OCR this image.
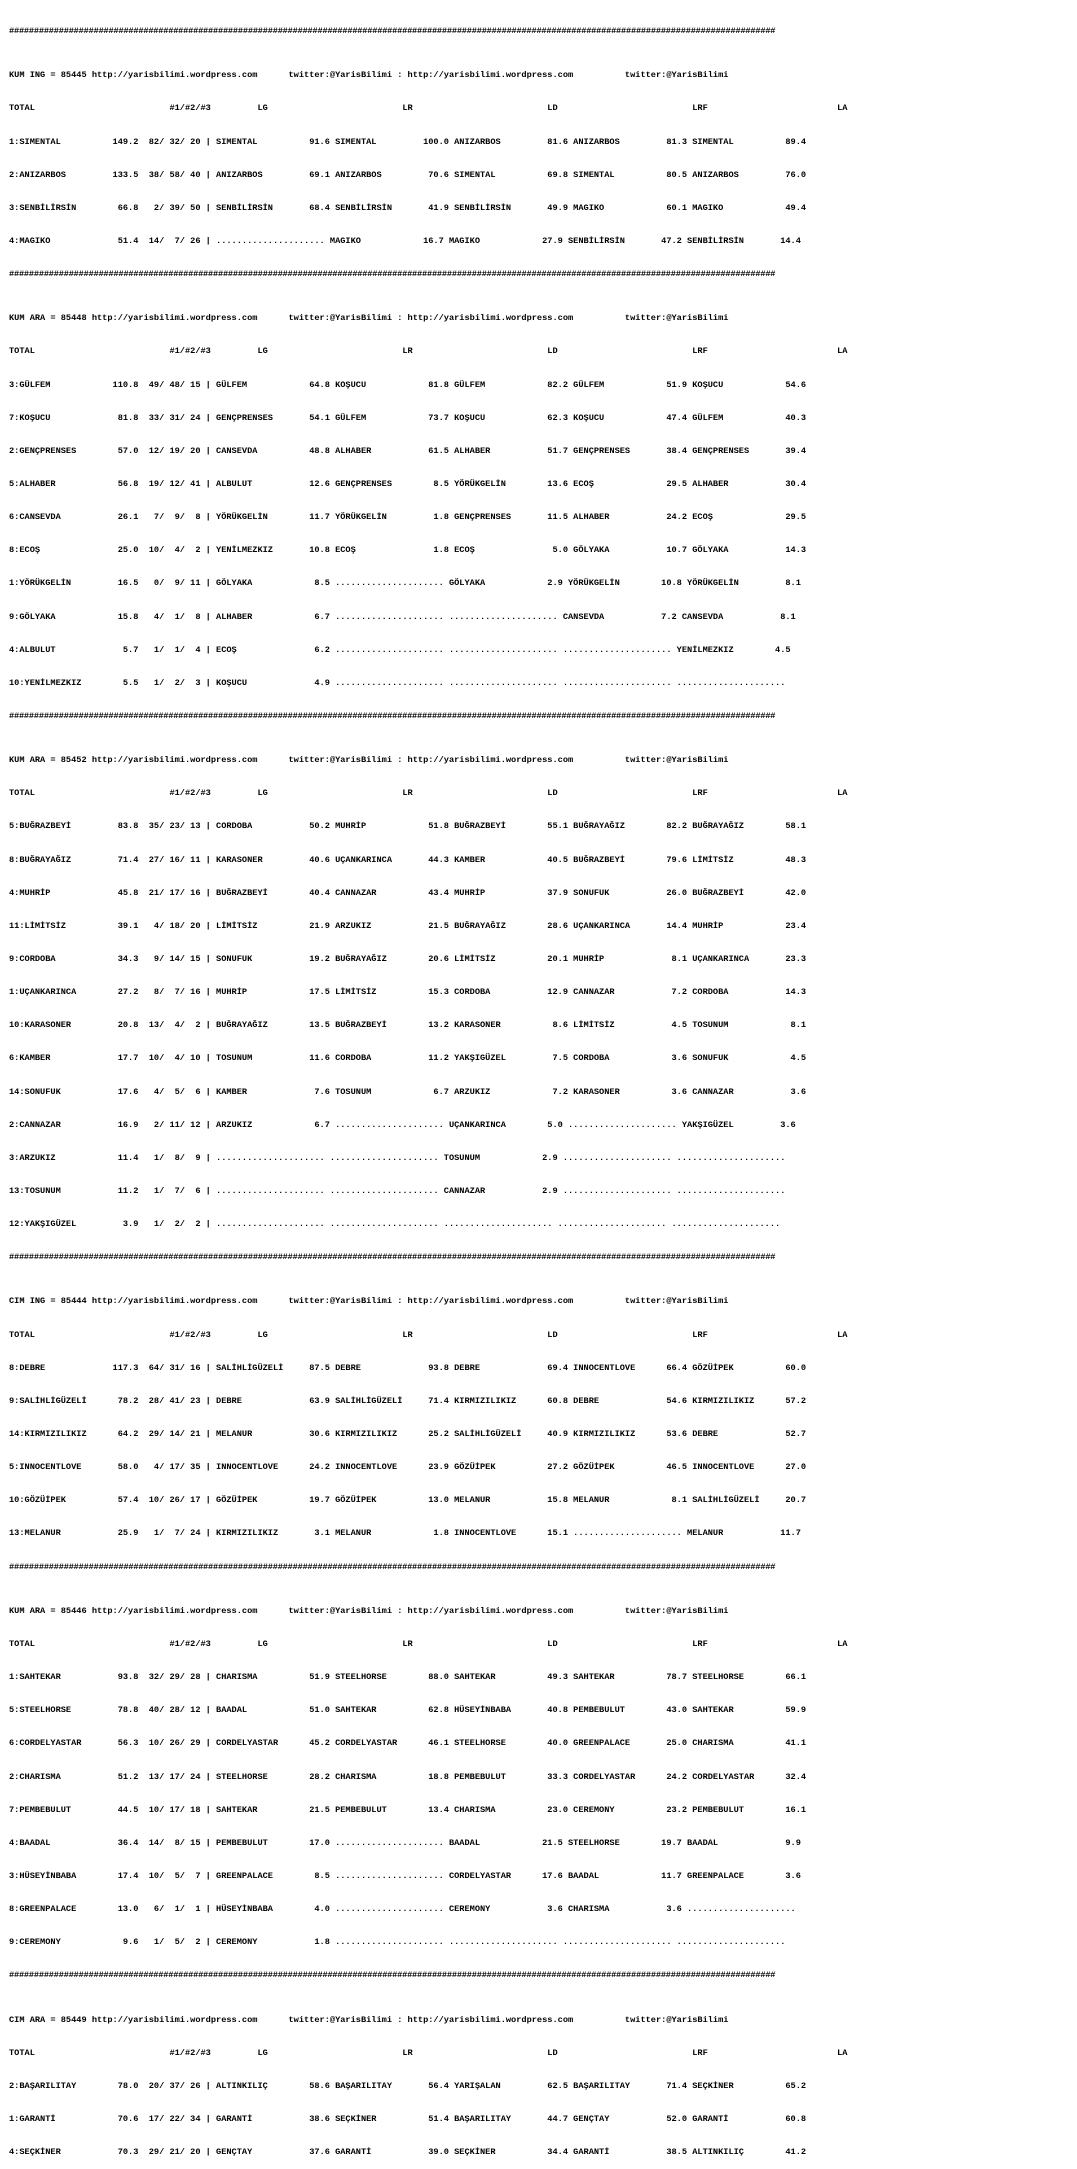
##########################################################################################################################################################

KUM ING = 85445 http://yarisbilimi.wordpress.com      twitter:@YarisBilimi : http://yarisbilimi.wordpress.com          twitter:@YarisBilimi

TOTAL                          #1/#2/#3         LG                          LR                          LD                          LRF                         LA

1:SIMENTAL          149.2  82/ 32/ 20 | SIMENTAL          91.6 SIMENTAL         100.0 ANIZARBOS         81.6 ANIZARBOS         81.3 SIMENTAL          89.4

2:ANIZARBOS         133.5  38/ 58/ 40 | ANIZARBOS         69.1 ANIZARBOS         70.6 SIMENTAL          69.8 SIMENTAL          80.5 ANIZARBOS         76.0

3:SENBİLİRSİN        66.8   2/ 39/ 50 | SENBİLİRSİN       68.4 SENBİLİRSİN       41.9 SENBİLİRSİN       49.9 MAGIKO            60.1 MAGIKO            49.4

4:MAGIKO             51.4  14/  7/ 26 | ..................... MAGIKO            16.7 MAGIKO            27.9 SENBİLİRSİN       47.2 SENBİLİRSİN       14.4

##########################################################################################################################################################

KUM ARA = 85448 http://yarisbilimi.wordpress.com      twitter:@YarisBilimi : http://yarisbilimi.wordpress.com          twitter:@YarisBilimi

TOTAL                          #1/#2/#3         LG                          LR                          LD                          LRF                         LA

3:GÜLFEM            110.8  49/ 48/ 15 | GÜLFEM            64.8 KOŞUCU            81.8 GÜLFEM            82.2 GÜLFEM            51.9 KOŞUCU            54.6

7:KOŞUCU             81.8  33/ 31/ 24 | GENÇPRENSES       54.1 GÜLFEM            73.7 KOŞUCU            62.3 KOŞUCU            47.4 GÜLFEM            40.3

2:GENÇPRENSES        57.0  12/ 19/ 20 | CANSEVDA          48.8 ALHABER           61.5 ALHABER           51.7 GENÇPRENSES       38.4 GENÇPRENSES       39.4

5:ALHABER            56.8  19/ 12/ 41 | ALBULUT           12.6 GENÇPRENSES        8.5 YÖRÜKGELİN        13.6 ECOŞ              29.5 ALHABER           30.4

6:CANSEVDA           26.1   7/  9/  8 | YÖRÜKGELİN        11.7 YÖRÜKGELİN         1.8 GENÇPRENSES       11.5 ALHABER           24.2 ECOŞ              29.5

8:ECOŞ               25.0  10/  4/  2 | YENİLMEZKIZ       10.8 ECOŞ               1.8 ECOŞ               5.0 GÖLYAKA           10.7 GÖLYAKA           14.3

1:YÖRÜKGELİN         16.5   0/  9/ 11 | GÖLYAKA            8.5 ..................... GÖLYAKA            2.9 YÖRÜKGELİN        10.8 YÖRÜKGELİN         8.1

9:GÖLYAKA            15.8   4/  1/  8 | ALHABER            6.7 ..................... ..................... CANSEVDA           7.2 CANSEVDA           8.1

4:ALBULUT             5.7   1/  1/  4 | ECOŞ               6.2 ..................... ..................... ..................... YENİLMEZKIZ        4.5

10:YENİLMEZKIZ        5.5   1/  2/  3 | KOŞUCU             4.9 ..................... ..................... ..................... .....................

##########################################################################################################################################################

KUM ARA = 85452 http://yarisbilimi.wordpress.com      twitter:@YarisBilimi : http://yarisbilimi.wordpress.com          twitter:@YarisBilimi

TOTAL                          #1/#2/#3         LG                          LR                          LD                          LRF                         LA

5:BUĞRAZBEYİ         83.8  35/ 23/ 13 | CORDOBA           50.2 MUHRİP            51.8 BUĞRAZBEYİ        55.1 BUĞRAYAĞIZ        82.2 BUĞRAYAĞIZ        58.1

8:BUĞRAYAĞIZ         71.4  27/ 16/ 11 | KARASONER         40.6 UÇANKARINCA       44.3 KAMBER            40.5 BUĞRAZBEYİ        79.6 LİMİTSİZ          48.3

4:MUHRİP             45.8  21/ 17/ 16 | BUĞRAZBEYİ        40.4 CANNAZAR          43.4 MUHRİP            37.9 SONUFUK           26.0 BUĞRAZBEYİ        42.0

11:LİMİTSİZ          39.1   4/ 18/ 20 | LİMİTSİZ          21.9 ARZUKIZ           21.5 BUĞRAYAĞIZ        28.6 UÇANKARINCA       14.4 MUHRİP            23.4

9:CORDOBA            34.3   9/ 14/ 15 | SONUFUK           19.2 BUĞRAYAĞIZ        20.6 LİMİTSİZ          20.1 MUHRİP             8.1 UÇANKARINCA       23.3

1:UÇANKARINCA        27.2   8/  7/ 16 | MUHRİP            17.5 LİMİTSİZ          15.3 CORDOBA           12.9 CANNAZAR           7.2 CORDOBA           14.3

10:KARASONER         20.8  13/  4/  2 | BUĞRAYAĞIZ        13.5 BUĞRAZBEYİ        13.2 KARASONER          8.6 LİMİTSİZ           4.5 TOSUNUM            8.1

6:KAMBER             17.7  10/  4/ 10 | TOSUNUM           11.6 CORDOBA           11.2 YAKŞIGÜZEL         7.5 CORDOBA            3.6 SONUFUK            4.5

14:SONUFUK           17.6   4/  5/  6 | KAMBER             7.6 TOSUNUM            6.7 ARZUKIZ            7.2 KARASONER          3.6 CANNAZAR           3.6

2:CANNAZAR           16.9   2/ 11/ 12 | ARZUKIZ            6.7 ..................... UÇANKARINCA        5.0 ..................... YAKŞIGÜZEL         3.6

3:ARZUKIZ            11.4   1/  8/  9 | ..................... ..................... TOSUNUM            2.9 ..................... .....................

13:TOSUNUM           11.2   1/  7/  6 | ..................... ..................... CANNAZAR           2.9 ..................... .....................

12:YAKŞIGÜZEL         3.9   1/  2/  2 | ..................... ..................... ..................... ..................... .....................

##########################################################################################################################################################

CIM ING = 85444 http://yarisbilimi.wordpress.com      twitter:@YarisBilimi : http://yarisbilimi.wordpress.com          twitter:@YarisBilimi

TOTAL                          #1/#2/#3         LG                          LR                          LD                          LRF                         LA

8:DEBRE             117.3  64/ 31/ 16 | SALİHLİGÜZELİ     87.5 DEBRE             93.8 DEBRE             69.4 INNOCENTLOVE      66.4 GÖZÜİPEK          60.0

9:SALİHLİGÜZELİ      78.2  28/ 41/ 23 | DEBRE             63.9 SALİHLİGÜZELİ     71.4 KIRMIZILIKIZ      60.8 DEBRE             54.6 KIRMIZILIKIZ      57.2

14:KIRMIZILIKIZ      64.2  29/ 14/ 21 | MELANUR           30.6 KIRMIZILIKIZ      25.2 SALİHLİGÜZELİ     40.9 KIRMIZILIKIZ      53.6 DEBRE             52.7

5:INNOCENTLOVE       58.0   4/ 17/ 35 | INNOCENTLOVE      24.2 INNOCENTLOVE      23.9 GÖZÜİPEK          27.2 GÖZÜİPEK          46.5 INNOCENTLOVE      27.0

10:GÖZÜİPEK          57.4  10/ 26/ 17 | GÖZÜİPEK          19.7 GÖZÜİPEK          13.0 MELANUR           15.8 MELANUR            8.1 SALİHLİGÜZELİ     20.7

13:MELANUR           25.9   1/  7/ 24 | KIRMIZILIKIZ       3.1 MELANUR            1.8 INNOCENTLOVE      15.1 ..................... MELANUR           11.7

##########################################################################################################################################################

KUM ARA = 85446 http://yarisbilimi.wordpress.com      twitter:@YarisBilimi : http://yarisbilimi.wordpress.com          twitter:@YarisBilimi

TOTAL                          #1/#2/#3         LG                          LR                          LD                          LRF                         LA

1:SAHTEKAR           93.8  32/ 29/ 28 | CHARISMA          51.9 STEELHORSE        88.0 SAHTEKAR          49.3 SAHTEKAR          78.7 STEELHORSE        66.1

5:STEELHORSE         78.8  40/ 28/ 12 | BAADAL            51.0 SAHTEKAR          62.8 HÜSEYİNBABA       40.8 PEMBEBULUT        43.0 SAHTEKAR          59.9

6:CORDELYASTAR       56.3  10/ 26/ 29 | CORDELYASTAR      45.2 CORDELYASTAR      46.1 STEELHORSE        40.0 GREENPALACE       25.0 CHARISMA          41.1

2:CHARISMA           51.2  13/ 17/ 24 | STEELHORSE        28.2 CHARISMA          18.8 PEMBEBULUT        33.3 CORDELYASTAR      24.2 CORDELYASTAR      32.4

7:PEMBEBULUT         44.5  10/ 17/ 18 | SAHTEKAR          21.5 PEMBEBULUT        13.4 CHARISMA          23.0 CEREMONY          23.2 PEMBEBULUT        16.1

4:BAADAL             36.4  14/  8/ 15 | PEMBEBULUT        17.0 ..................... BAADAL            21.5 STEELHORSE        19.7 BAADAL             9.9

3:HÜSEYİNBABA        17.4  10/  5/  7 | GREENPALACE        8.5 ..................... CORDELYASTAR      17.6 BAADAL            11.7 GREENPALACE        3.6

8:GREENPALACE        13.0   6/  1/  1 | HÜSEYİNBABA        4.0 ..................... CEREMONY           3.6 CHARISMA           3.6 .....................

9:CEREMONY            9.6   1/  5/  2 | CEREMONY           1.8 ..................... ..................... ..................... .....................

##########################################################################################################################################################

CIM ARA = 85449 http://yarisbilimi.wordpress.com      twitter:@YarisBilimi : http://yarisbilimi.wordpress.com          twitter:@YarisBilimi

TOTAL                          #1/#2/#3         LG                          LR                          LD                          LRF                         LA

2:BAŞARILITAY        78.0  20/ 37/ 26 | ALTINKILIÇ        58.6 BAŞARILITAY       56.4 YARIŞALAN         62.5 BAŞARILITAY       71.4 SEÇKİNER          65.2

1:GARANTİ            70.6  17/ 22/ 34 | GARANTİ           38.6 SEÇKİNER          51.4 BAŞARILITAY       44.7 GENÇTAY           52.0 GARANTİ           60.8

4:SEÇKİNER           70.3  29/ 21/ 20 | GENÇTAY           37.6 GARANTİ           39.0 SEÇKİNER          34.4 GARANTİ           38.5 ALTINKILIÇ        41.2
